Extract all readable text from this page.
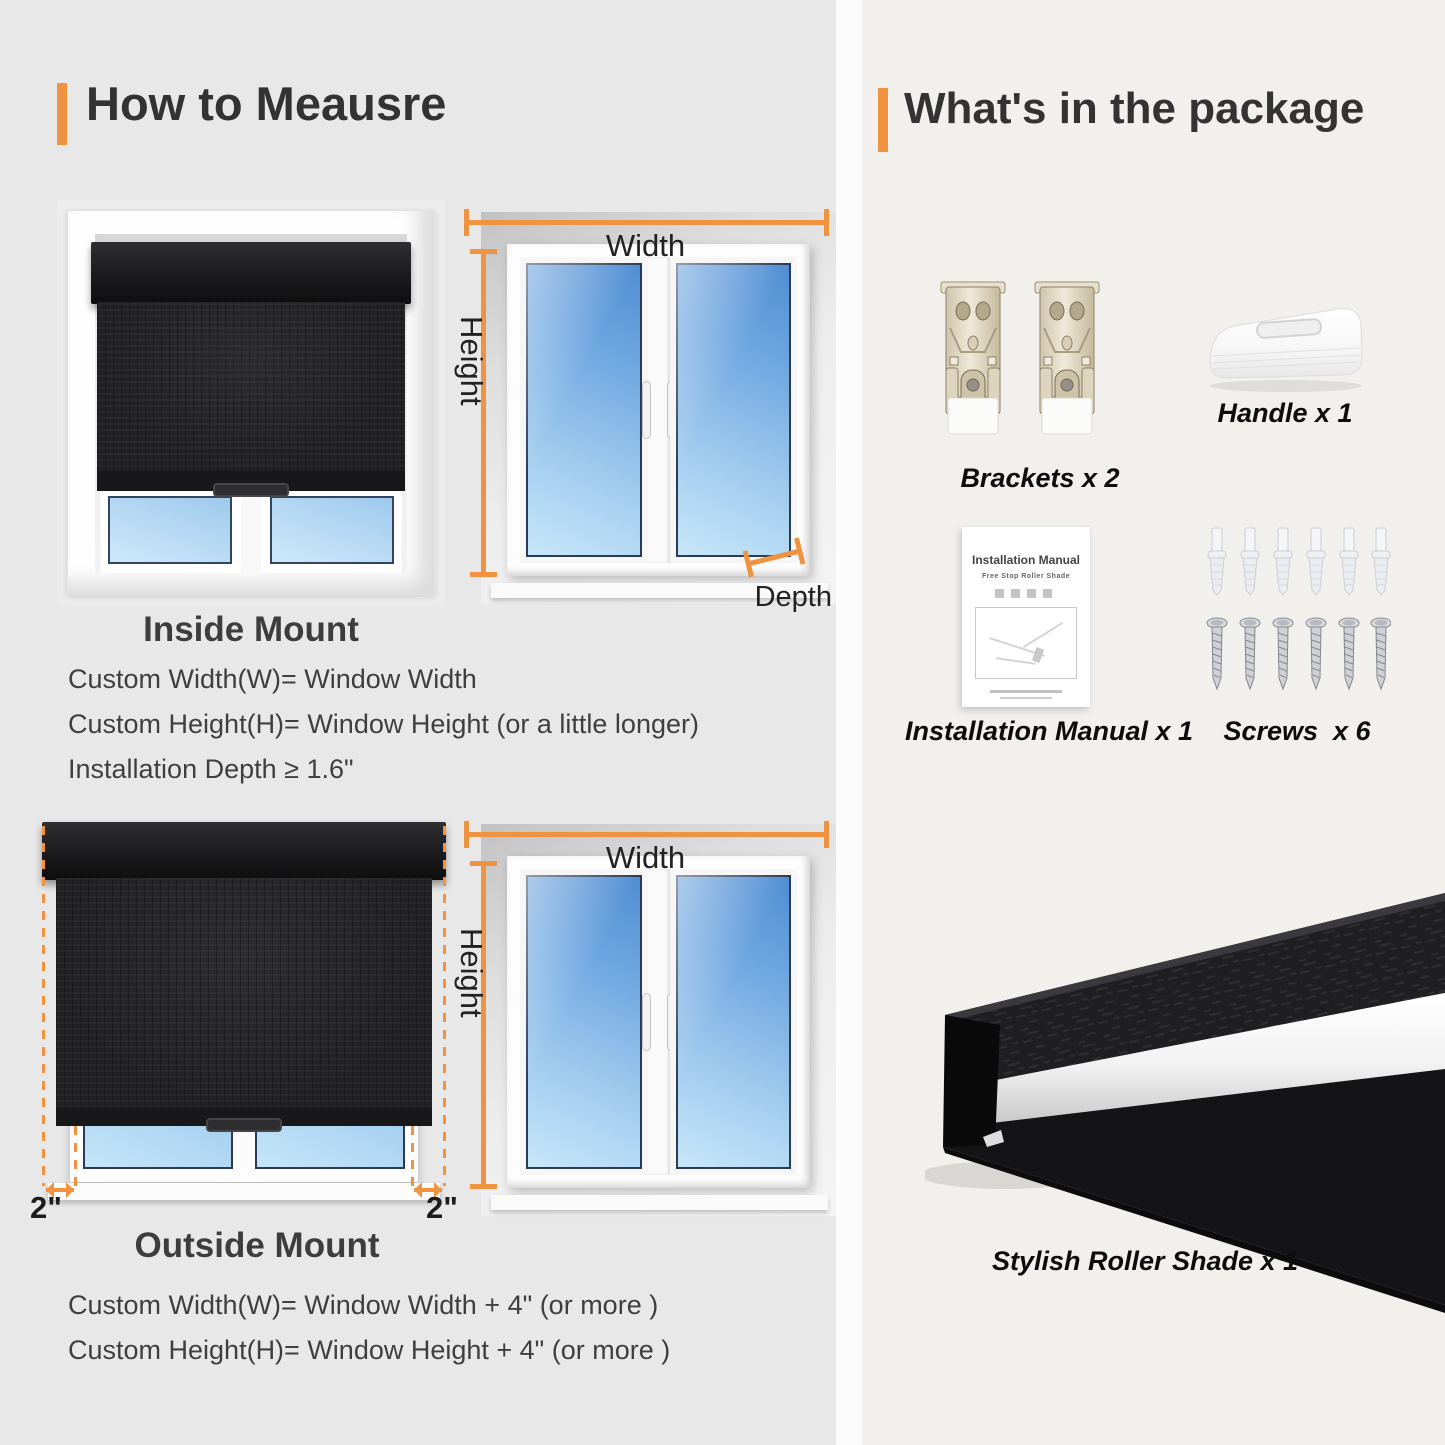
How to Meausre
Width
Height
Depth
Inside Mount
Custom Width(W)= Window Width
Custom Height(H)= Window Height (or a little longer)
Installation Depth ≥ 1.6"
2"	2"
Width
Height
Outside Mount
Custom Width(W)= Window Width + 4" (or more )
Custom Height(H)= Window Height + 4" (or more )
What's in the package
Brackets x 2
Handle x 1
Installation Manual
Free Stop Roller Shade
Installation Manual x 1 Screws  x 6
Stylish Roller Shade x 1
